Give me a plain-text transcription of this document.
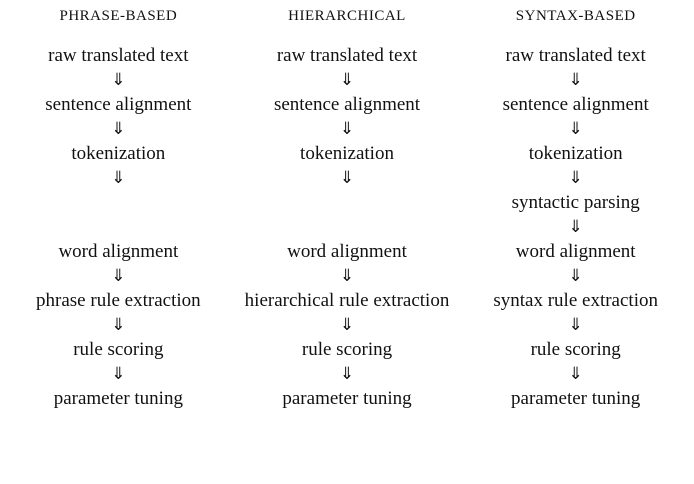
PHRASE-BASED
raw translated text
⇓
sentence alignment
⇓
tokenization
⇓
word alignment
⇓
phrase rule extraction
⇓
rule scoring
⇓
parameter tuning
HIERARCHICAL
raw translated text
⇓
sentence alignment
⇓
tokenization
⇓
word alignment
⇓
hierarchical rule extraction
⇓
rule scoring
⇓
parameter tuning
SYNTAX-BASED
raw translated text
⇓
sentence alignment
⇓
tokenization
⇓
syntactic parsing
⇓
word alignment
⇓
syntax rule extraction
⇓
rule scoring
⇓
parameter tuning
